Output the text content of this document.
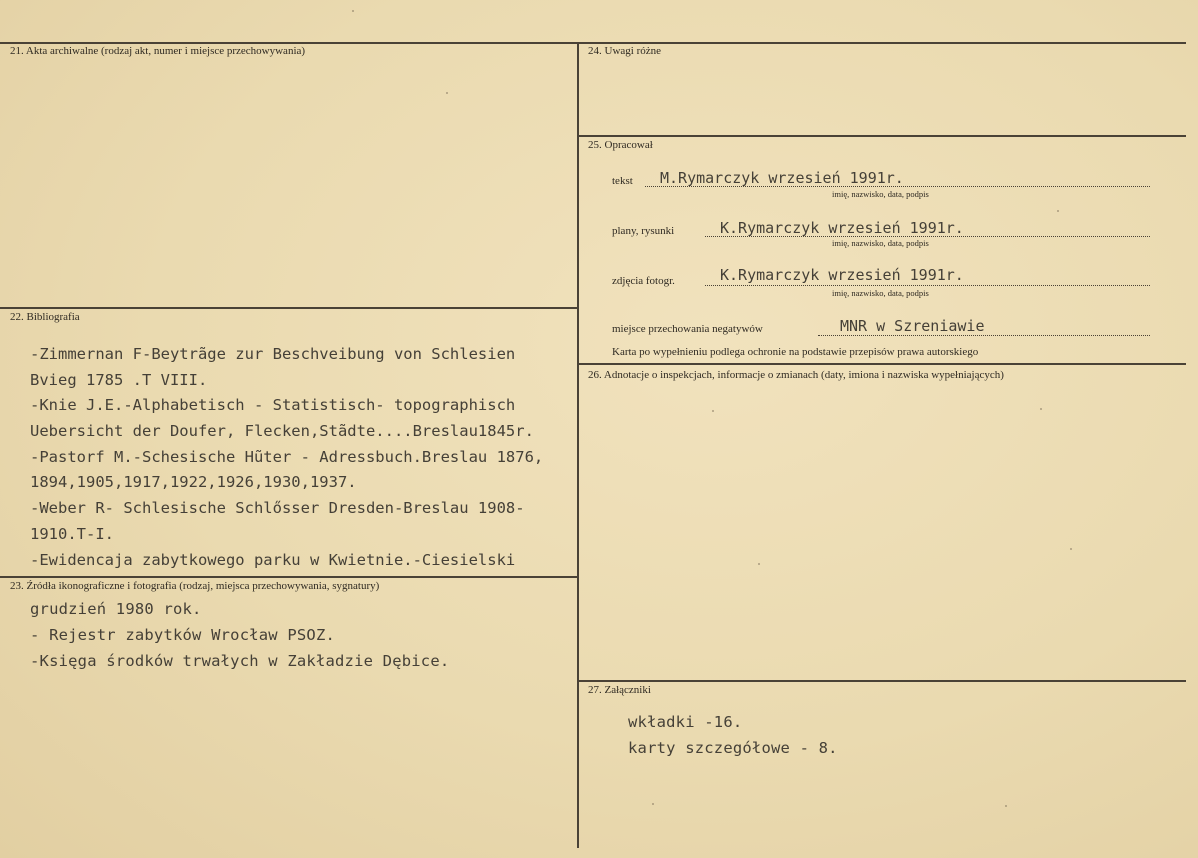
21. Akta archiwalne (rodzaj akt, numer i miejsce przechowywania)
22. Bibliografia
-Zimmernan F-Beytrãge zur Beschveibung von Schlesien
Bvieg 1785 .T VIII.
-Knie J.E.-Alphabetisch - Statistisch- topographisch
Uebersicht der Doufer, Flecken,Stãdte....Breslau1845r.
-Pastorf M.-Schesische Hũter - Adressbuch.Breslau 1876,
1894,1905,1917,1922,1926,1930,1937.
-Weber R- Schlesische Schlősser Dresden-Breslau 1908-
1910.T-I.
-Ewidencaja zabytkowego parku w Kwietnie.-Ciesielski
23. Źródła ikonograficzne i fotografia (rodzaj, miejsca przechowywania, sygnatury)
grudzień 1980 rok.
- Rejestr zabytków Wrocław PSOZ.
-Księga środków trwałych w Zakładzie Dębice.
24. Uwagi różne
25. Opracował
tekst M.Rymarczyk wrzesień 1991r.
imię, nazwisko, data, podpis
plany, rysunki	K.Rymarczyk wrzesień 1991r.
imię, nazwisko, data, podpis
zdjęcia fotogr.	K.Rymarczyk wrzesień 1991r.
imię, nazwisko, data, podpis
miejsce przechowania negatywów	MNR w Szreniawie
Karta po wypełnieniu podlega ochronie na podstawie przepisów prawa autorskiego
26. Adnotacje o inspekcjach, informacje o zmianach (daty, imiona i nazwiska wypełniających)
27. Załączniki
wkładki -16.
karty szczegółowe - 8.
